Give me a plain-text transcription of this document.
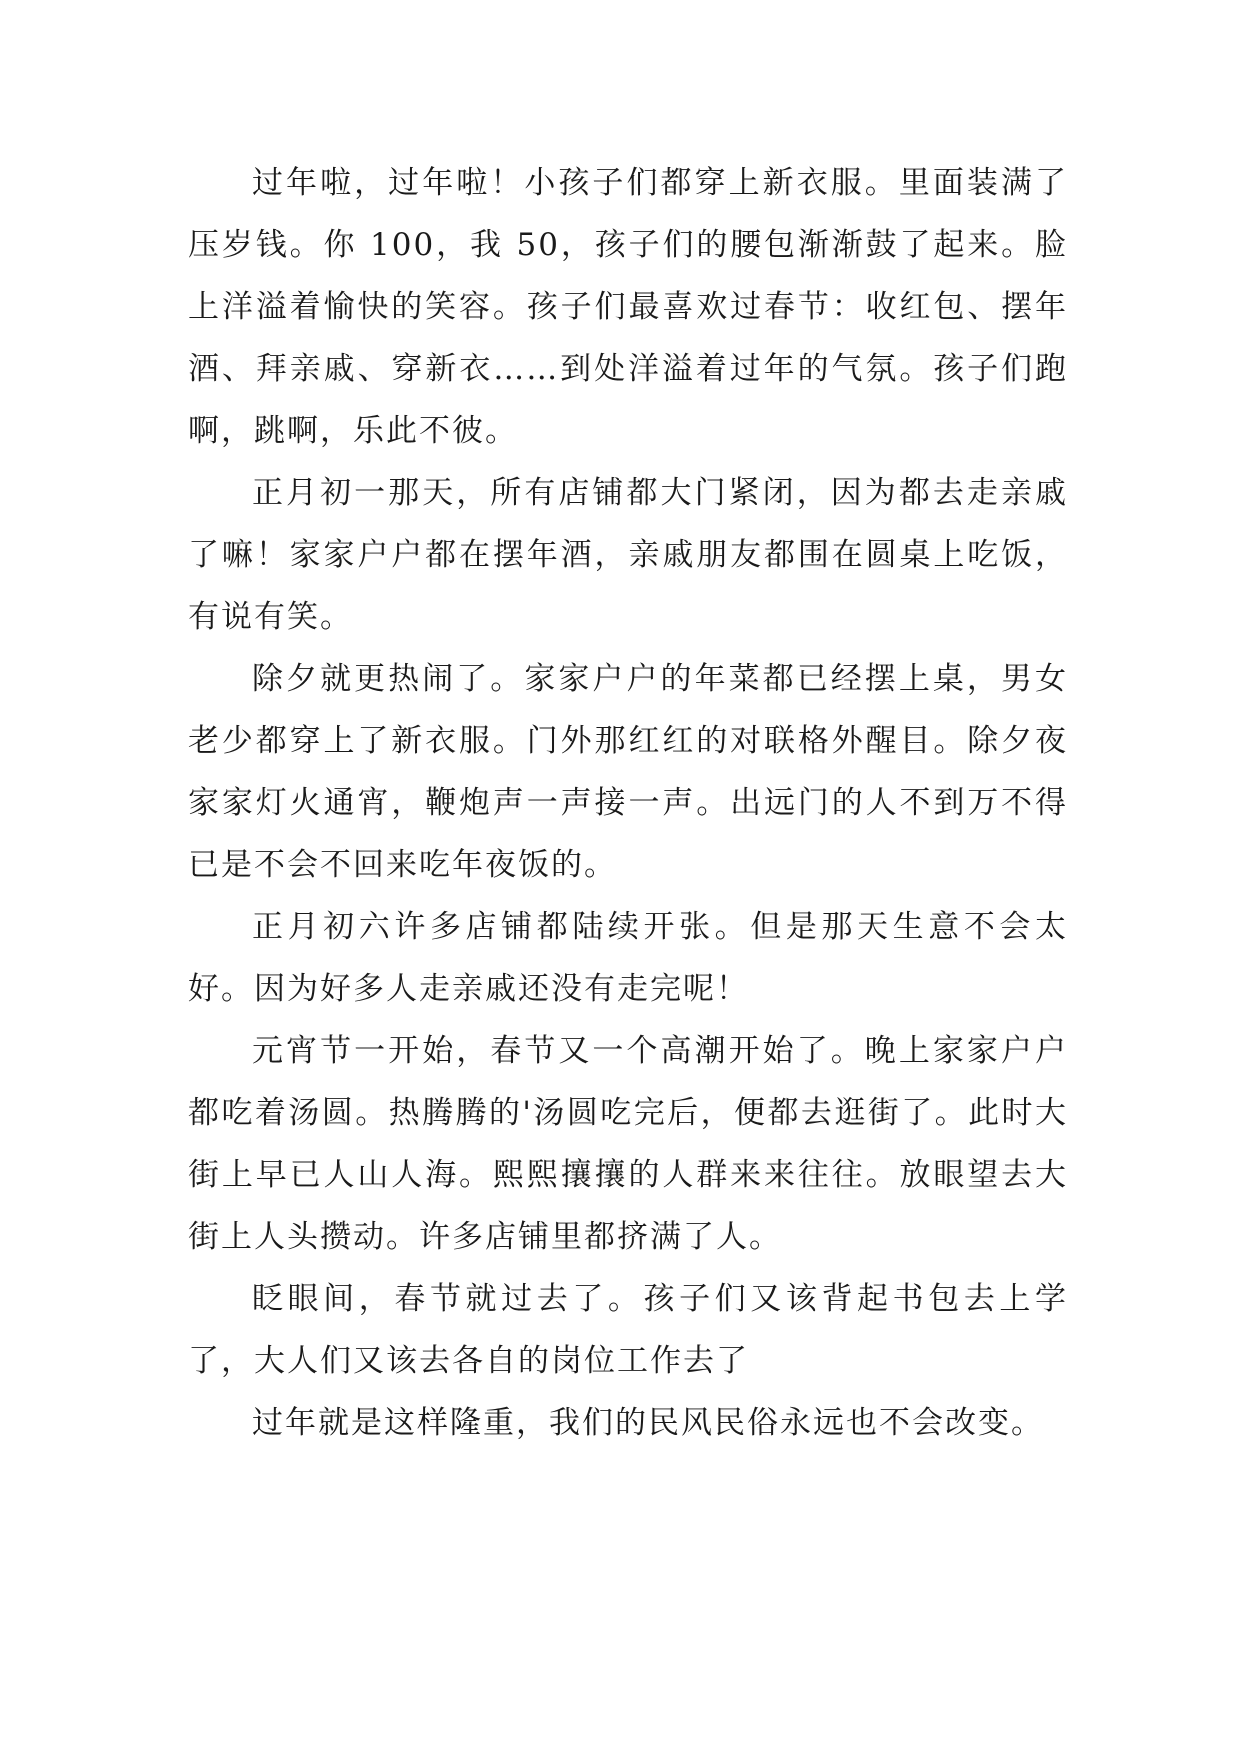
过年啦，过年啦！小孩子们都穿上新衣服。里面装满了压岁钱。你 100，我 50，孩子们的腰包渐渐鼓了起来。脸上洋溢着愉快的笑容。孩子们最喜欢过春节：收红包、摆年酒、拜亲戚、穿新衣……到处洋溢着过年的气氛。孩子们跑啊，跳啊，乐此不彼。

正月初一那天，所有店铺都大门紧闭，因为都去走亲戚了嘛！家家户户都在摆年酒，亲戚朋友都围在圆桌上吃饭，有说有笑。

除夕就更热闹了。家家户户的年菜都已经摆上桌，男女老少都穿上了新衣服。门外那红红的对联格外醒目。除夕夜家家灯火通宵，鞭炮声一声接一声。出远门的人不到万不得已是不会不回来吃年夜饭的。

正月初六许多店铺都陆续开张。但是那天生意不会太好。因为好多人走亲戚还没有走完呢！

元宵节一开始，春节又一个高潮开始了。晚上家家户户都吃着汤圆。热腾腾的'汤圆吃完后，便都去逛街了。此时大街上早已人山人海。熙熙攘攘的人群来来往往。放眼望去大街上人头攒动。许多店铺里都挤满了人。

眨眼间，春节就过去了。孩子们又该背起书包去上学了，大人们又该去各自的岗位工作去了

过年就是这样隆重，我们的民风民俗永远也不会改变。
